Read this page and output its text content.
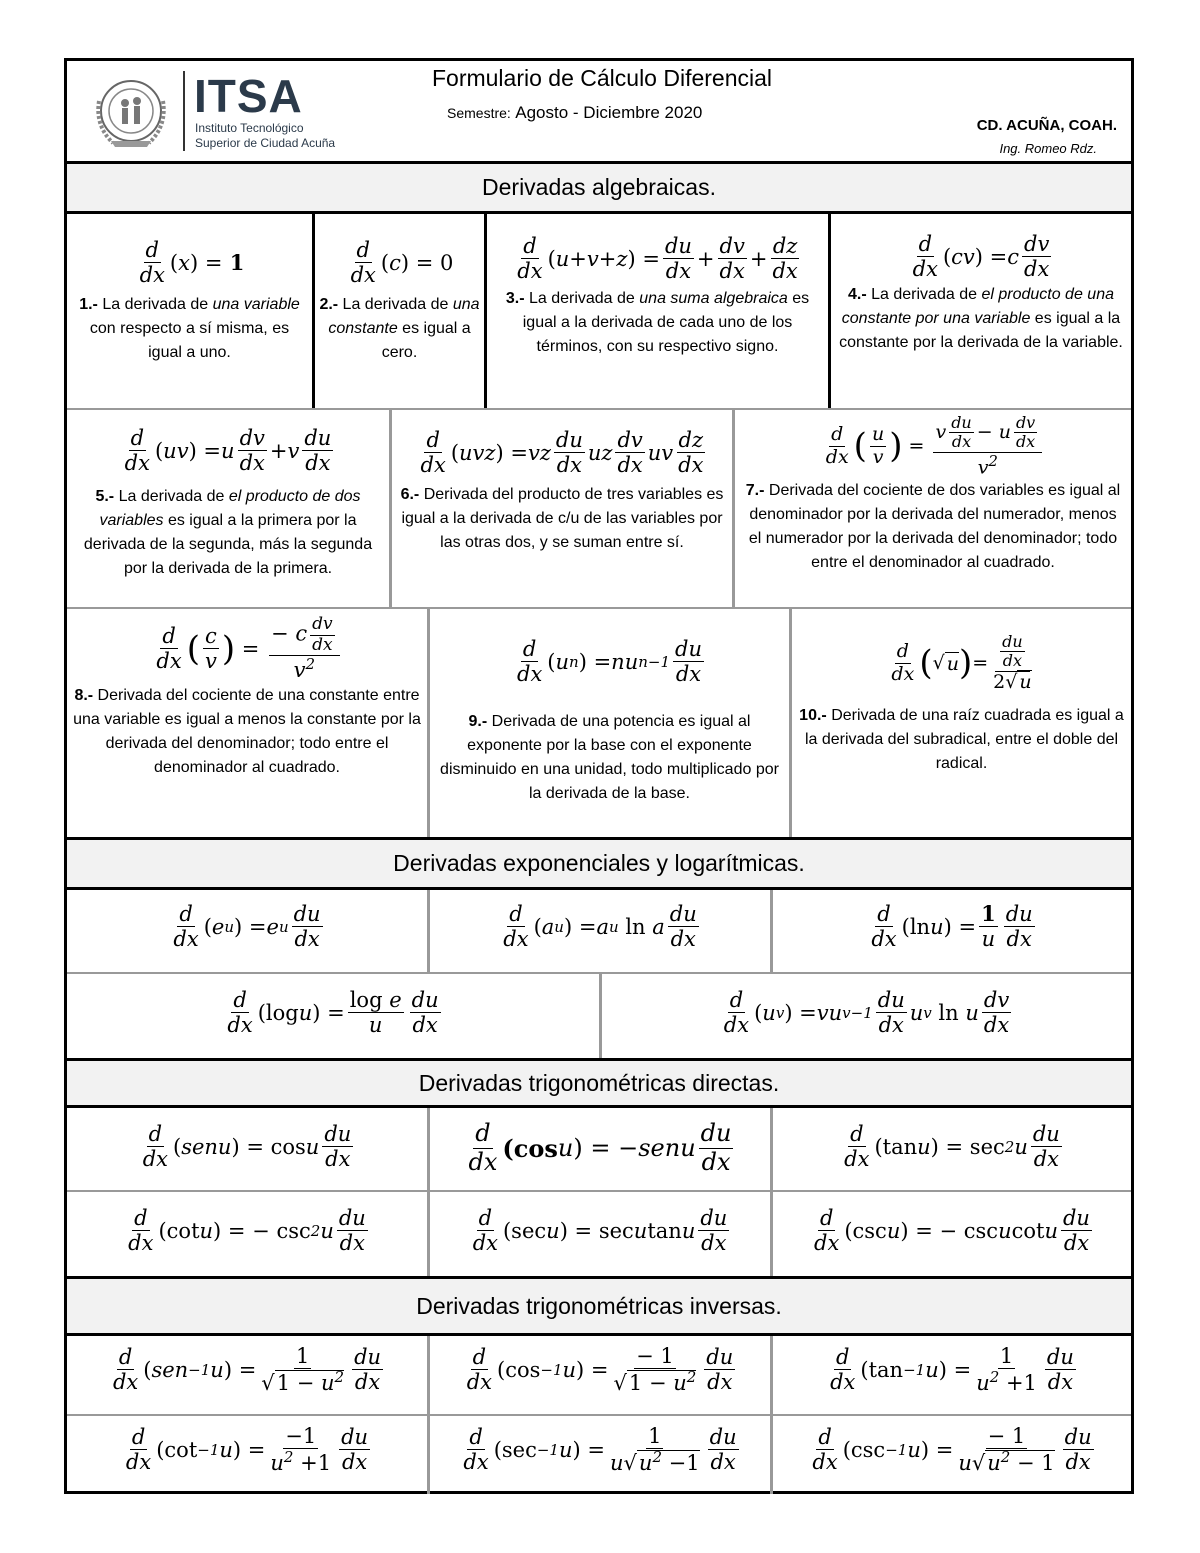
ITSA
Instituto Tecnológico
Superior de Ciudad Acuña
Formulario de Cálculo Diferencial
Semestre: Agosto - Diciembre 2020
CD. ACUÑA, COAH.
Ing. Romeo Rdz.
Derivadas algebraicas.
$\frac{d}{dx}$ ( x ) = 1
1.- La derivada de una variable con respecto a sí misma, es igual a uno.
$\frac{d}{dx}$ ( c ) = 0
2.- La derivada de una constante es igual a cero.
$\frac{d}{dx}$ ( u + v + z ) = $\frac{du}{dx} + \frac{dv}{dx} + \frac{dz}{dx}$
3.- La derivada de una suma algebraica es igual a la derivada de cada uno de los términos, con su respectivo signo.
$\frac{d}{dx}$ ( cv ) = c $\frac{dv}{dx}$
4.- La derivada de el producto de una constante por una variable es igual a la constante por la derivada de la variable.
$\frac{d}{dx}$ ( uv ) = u $\frac{dv}{dx} + v \frac{du}{dx}$
5.- La derivada de el producto de dos variables es igual a la primera por la derivada de la segunda, más la segunda por la derivada de la primera.
$\frac{d}{dx}$ ( uvz ) = vz $\frac{du}{dx}$ uz $\frac{dv}{dx}$ uv $\frac{dz}{dx}$
6.- Derivada del producto de tres variables es igual a la derivada de c/u de las variables por las otras dos, y se suman entre sí.
$\frac{d}{dx}$ ( $\frac{u}{v}$ ) = $\frac{v \frac{du}{dx} - u \frac{dv}{dx}}{v^2}$
7.- Derivada del cociente de dos variables es igual al denominador por la derivada del numerador, menos el numerador por la derivada del denominador; todo entre el denominador al cuadrado.
$\frac{d}{dx}$ ( $\frac{c}{v}$ ) = $\frac{- c \frac{dv}{dx}}{v^2}$
8.- Derivada del cociente de una constante entre una variable es igual a menos la constante por la derivada del denominador; todo entre el denominador al cuadrado.
$\frac{d}{dx}$ ( u n ) = nu $n-1 \frac{du}{dx}$
9.- Derivada de una potencia es igual al exponente por la base con el exponente disminuido en una unidad, todo multiplicado por la derivada de la base.
$\frac{d}{dx}$ ( √ u ) = $\frac{\frac{du}{dx}}{2√ u}$
10.- Derivada de una raíz cuadrada es igual a la derivada del subradical, entre el doble del radical.
Derivadas exponenciales y logarítmicas.
$\frac{d}{dx}$ ( e u ) = e u $\frac{du}{dx}$	$\frac{d}{dx}$ ( a u ) = a u ln a $\frac{du}{dx}$	$\frac{d}{dx} (\ln$ u ) = $\frac{1}{u} \frac{du}{dx}$
$\frac{d}{dx} (\log$ u ) = $\frac{\text{log e}}{u} \frac{du}{dx}$	$\frac{d}{dx}$ ( u v ) = vu $v-1 \frac{du}{dx}$ u v ln u $\frac{dv}{dx}$
Derivadas trigonométricas directas.
$\frac{d}{dx}$ ( senu ) = cos u $\frac{du}{dx}$	$\frac{d}{dx} (\cos$ u ) = − senu $\frac{du}{dx}$	$\frac{d}{dx} (\tan$ u ) = sec 2 u $\frac{du}{dx}$
$\frac{d}{dx} (\cot$ u ) = − csc 2 u $\frac{du}{dx}$	$\frac{d}{dx} (\sec$ u ) = sec u tan u $\frac{du}{dx}$	$\frac{d}{dx} (\csc$ u ) = − csc u cot u $\frac{du}{dx}$
Derivadas trigonométricas inversas.
$\frac{d}{dx}$ ( sen −1 u ) = $\frac{1}{√1 - u^2} \frac{du}{dx}$	$\frac{d}{dx} (\cos -1$ u ) = $\frac{- 1}{√1 - u^2} \frac{du}{dx}$	$\frac{d}{dx} (\tan -1$ u ) = $\frac{1}{u^2 +1} \frac{du}{dx}$
$\frac{d}{dx} (\cot -1$ u ) = $\frac{-1}{u^2 +1} \frac{du}{dx}$	$\frac{d}{dx} (\sec -1$ u ) = $\frac{1}{u√u^2 -1} \frac{du}{dx}$	$\frac{d}{dx} (\csc -1$ u ) = $\frac{- 1}{u√u^2 - 1} \frac{du}{dx}$
